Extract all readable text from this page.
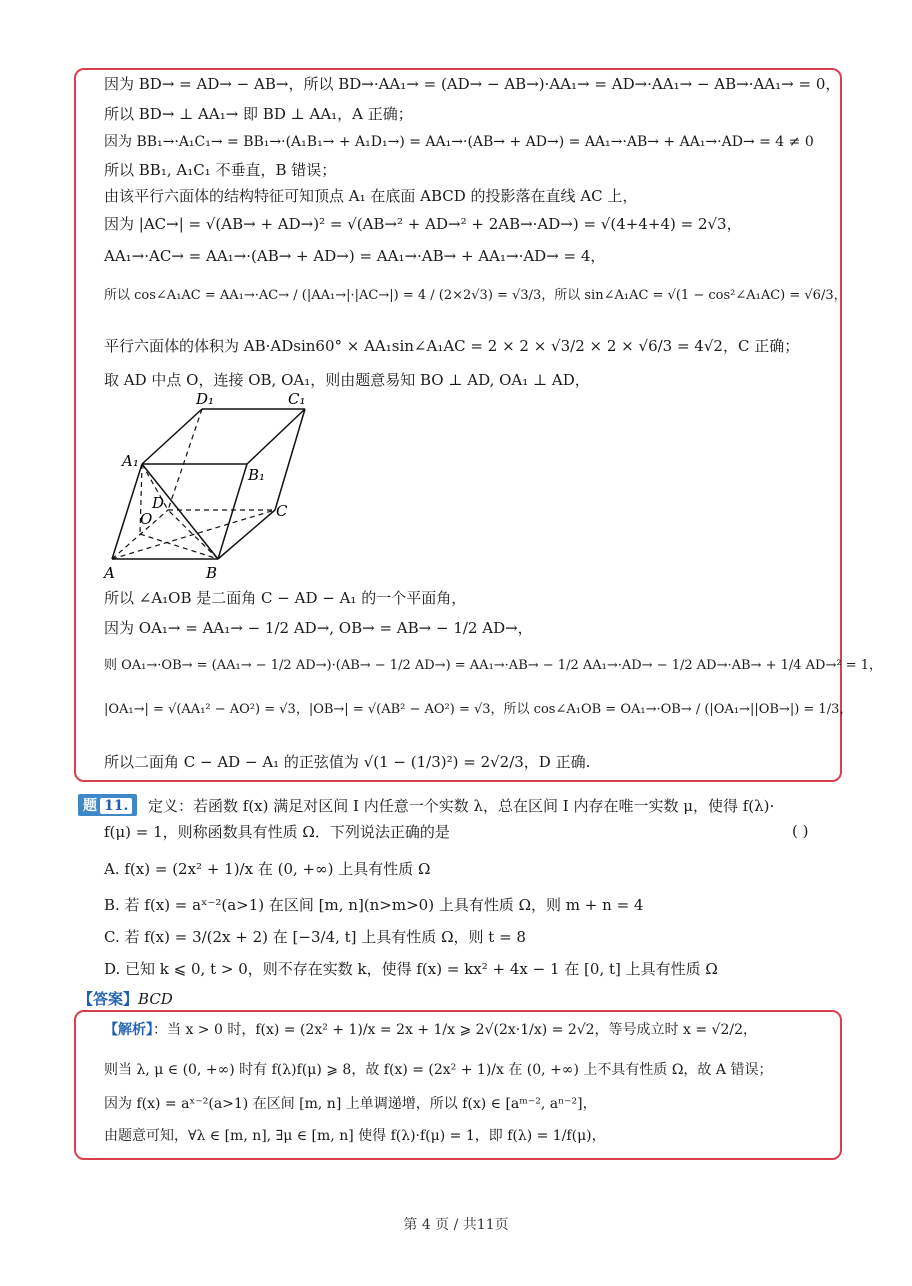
因为 BD→ = AD→ − AB→，所以 BD→·AA₁→ = (AD→ − AB→)·AA₁→ = AD→·AA₁→ − AB→·AA₁→ = 0，
所以 BD→ ⊥ AA₁→ 即 BD ⊥ AA₁，A 正确；
因为 BB₁→·A₁C₁→ = BB₁→·(A₁B₁→ + A₁D₁→) = AA₁→·(AB→ + AD→) = AA₁→·AB→ + AA₁→·AD→ = 4 ≠ 0
所以 BB₁, A₁C₁ 不垂直，B 错误；
由该平行六面体的结构特征可知顶点 A₁ 在底面 ABCD 的投影落在直线 AC 上，
因为 |AC→| = √(AB→ + AD→)² = √(AB→² + AD→² + 2AB→·AD→) = √(4+4+4) = 2√3，
AA₁→·AC→ = AA₁→·(AB→ + AD→) = AA₁→·AB→ + AA₁→·AD→ = 4，
所以 cos∠A₁AC = AA₁→·AC→ / (|AA₁→|·|AC→|) = 4 / (2×2√3) = √3/3，所以 sin∠A₁AC = √(1 − cos²∠A₁AC) = √6/3，
平行六面体的体积为 AB·ADsin60° × AA₁sin∠A₁AC = 2 × 2 × √3/2 × 2 × √6/3 = 4√2，C 正确；
取 AD 中点 O，连接 OB, OA₁，则由题意易知 BO ⊥ AD, OA₁ ⊥ AD，
D₁	C₁
A₁
B₁
D
O	C
A	B
所以 ∠A₁OB 是二面角 C − AD − A₁ 的一个平面角，
因为 OA₁→ = AA₁→ − 1/2 AD→, OB→ = AB→ − 1/2 AD→，
则 OA₁→·OB→ = (AA₁→ − 1/2 AD→)·(AB→ − 1/2 AD→) = AA₁→·AB→ − 1/2 AA₁→·AD→ − 1/2 AD→·AB→ + 1/4 AD→² = 1，
|OA₁→| = √(AA₁² − AO²) = √3，|OB→| = √(AB² − AO²) = √3，所以 cos∠A₁OB = OA₁→·OB→ / (|OA₁→||OB→|) = 1/3，
所以二面角 C − AD − A₁ 的正弦值为 √(1 − (1/3)²) = 2√2/3，D 正确.
题 11.	定义：若函数 f(x) 满足对区间 I 内任意一个实数 λ，总在区间 I 内存在唯一实数 μ，使得 f(λ)·
f(μ) = 1，则称函数具有性质 Ω．下列说法正确的是	( )
A. f(x) = (2x² + 1)/x 在 (0, +∞) 上具有性质 Ω
B. 若 f(x) = aˣ⁻²(a>1) 在区间 [m, n](n>m>0) 上具有性质 Ω，则 m + n = 4
C. 若 f(x) = 3/(2x + 2) 在 [−3/4, t] 上具有性质 Ω，则 t = 8
D. 已知 k ⩽ 0, t > 0，则不存在实数 k，使得 f(x) = kx² + 4x − 1 在 [0, t] 上具有性质 Ω
【答案】BCD
【解析】：当 x > 0 时，f(x) = (2x² + 1)/x = 2x + 1/x ⩾ 2√(2x·1/x) = 2√2，等号成立时 x = √2/2，
则当 λ, μ ∈ (0, +∞) 时有 f(λ)f(μ) ⩾ 8，故 f(x) = (2x² + 1)/x 在 (0, +∞) 上不具有性质 Ω，故 A 错误；
因为 f(x) = aˣ⁻²(a>1) 在区间 [m, n] 上单调递增，所以 f(x) ∈ [aᵐ⁻², aⁿ⁻²]，
由题意可知，∀λ ∈ [m, n], ∃μ ∈ [m, n] 使得 f(λ)·f(μ) = 1，即 f(λ) = 1/f(μ)，
第 4 页 / 共11页
